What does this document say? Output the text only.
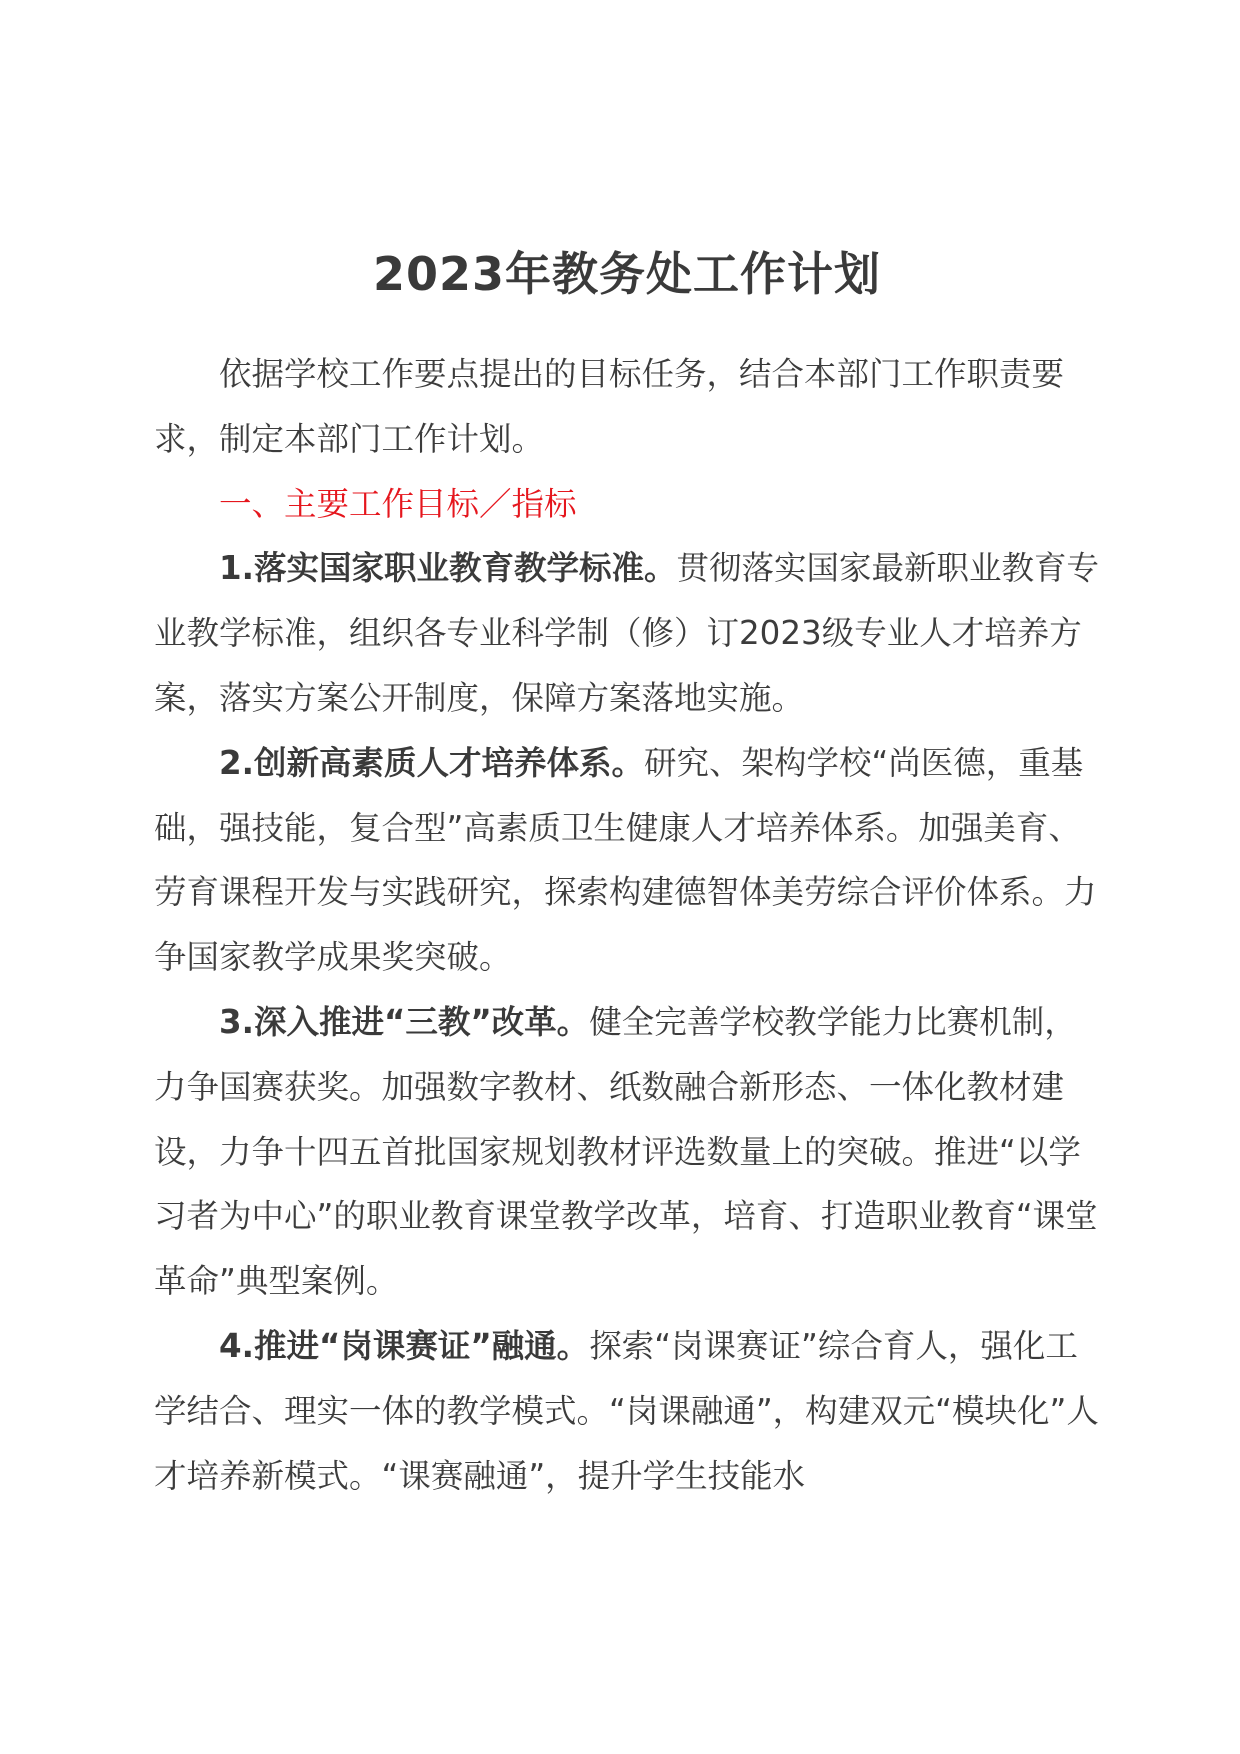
2023年教务处工作计划

依据学校工作要点提出的目标任务，结合本部门工作职责要求，制定本部门工作计划。

一、主要工作目标／指标

1.落实国家职业教育教学标准。贯彻落实国家最新职业教育专业教学标准，组织各专业科学制（修）订2023级专业人才培养方案，落实方案公开制度，保障方案落地实施。

2.创新高素质人才培养体系。研究、架构学校“尚医德，重基础，强技能，复合型”高素质卫生健康人才培养体系。加强美育、劳育课程开发与实践研究，探索构建德智体美劳综合评价体系。力争国家教学成果奖突破。

3.深入推进“三教”改革。健全完善学校教学能力比赛机制，力争国赛获奖。加强数字教材、纸数融合新形态、一体化教材建设，力争十四五首批国家规划教材评选数量上的突破。推进“以学习者为中心”的职业教育课堂教学改革，培育、打造职业教育“课堂革命”典型案例。

4.推进“岗课赛证”融通。探索“岗课赛证”综合育人，强化工学结合、理实一体的教学模式。“岗课融通”，构建双元“模块化”人才培养新模式。“课赛融通”，提升学生技能水
